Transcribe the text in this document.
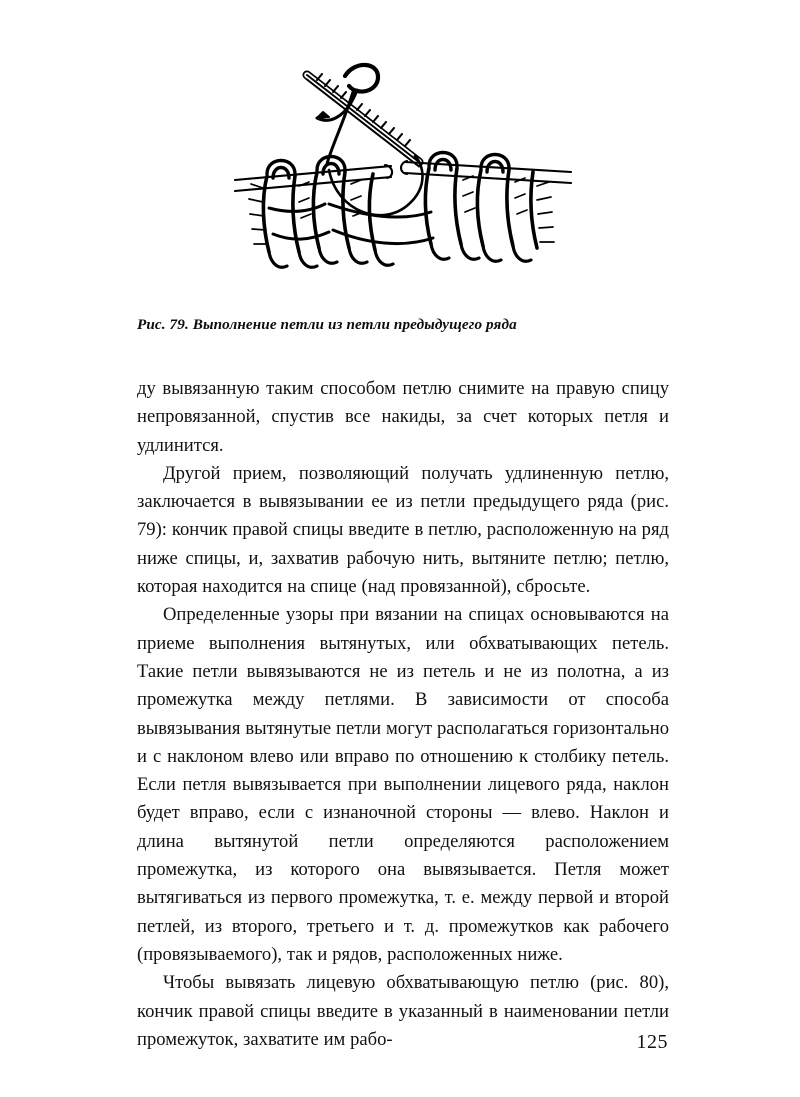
Рис. 79. Выполнение петли из петли предыдущего ряда

ду вывязанную таким способом петлю снимите на правую спицу непровязанной, спустив все накиды, за счет которых петля и удлинится.

Другой прием, позволяющий получать удлиненную петлю, заключается в вывязывании ее из петли предыдущего ряда (рис. 79): кончик правой спицы введите в петлю, расположенную на ряд ниже спицы, и, захватив рабочую нить, вытяните петлю; петлю, которая находится на спице (над провязанной), сбросьте.

Определенные узоры при вязании на спицах основываются на приеме выполнения вытянутых, или обхватывающих петель. Такие петли вывязываются не из петель и не из полотна, а из промежутка между петлями. В зависимости от способа вывязывания вытянутые петли могут располагаться горизонтально и с наклоном влево или вправо по отношению к столбику петель. Если петля вывязывается при выполнении лицевого ряда, наклон будет вправо, если с изнаночной стороны — влево. Наклон и длина вытянутой петли определяются расположением промежутка, из которого она вывязывается. Петля может вытягиваться из первого промежутка, т. е. между первой и второй петлей, из второго, третьего и т. д. промежутков как рабочего (провязываемого), так и рядов, расположенных ниже.

Чтобы вывязать лицевую обхватывающую петлю (рис. 80), кончик правой спицы введите в указанный в наименовании петли промежуток, захватите им рабо-	125
